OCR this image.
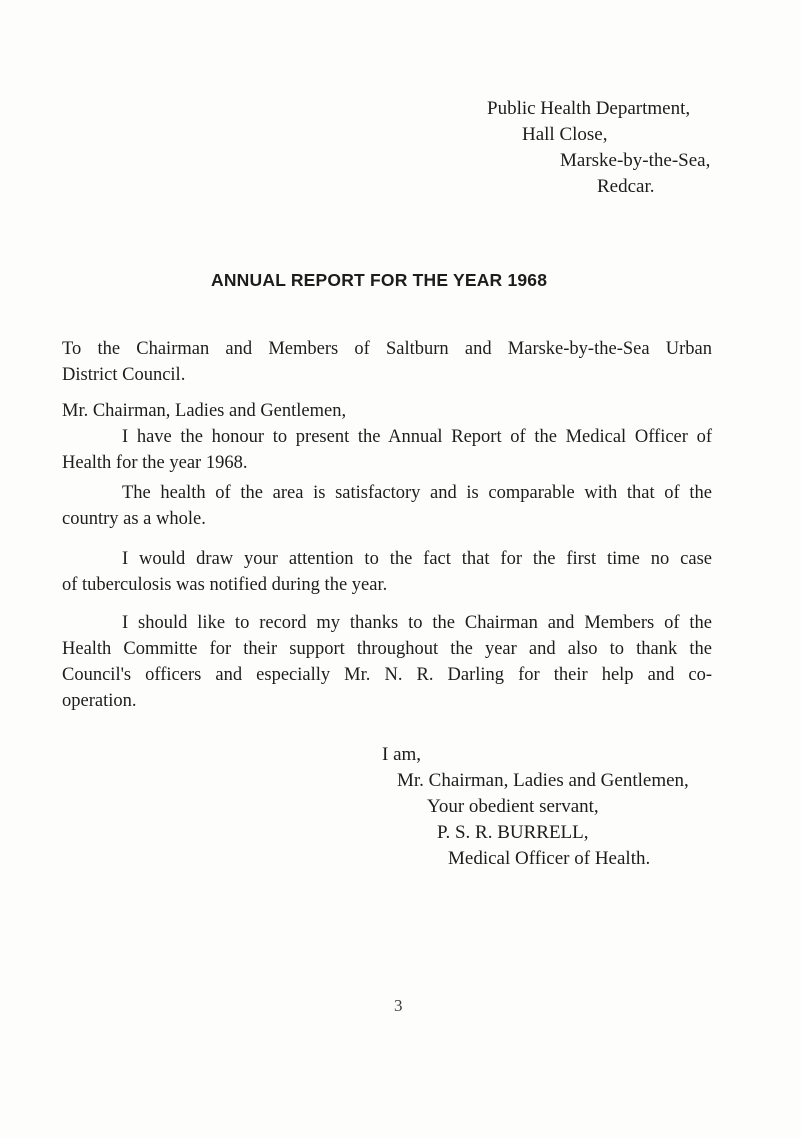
Public Health Department,
Hall Close,
Marske-by-the-Sea,
Redcar.
ANNUAL REPORT FOR THE YEAR 1968
To the Chairman and Members of Saltburn and Marske-by-the-Sea Urban
District Council.
Mr. Chairman, Ladies and Gentlemen,
I have the honour to present the Annual Report of the Medical Officer of
Health for the year 1968.
The health of the area is satisfactory and is comparable with that of the
country as a whole.
I would draw your attention to the fact that for the first time no case
of tuberculosis was notified during the year.
I should like to record my thanks to the Chairman and Members of the
Health Committe for their support throughout the year and also to thank the
Council's officers and especially Mr. N. R. Darling for their help and co-
operation.
I am,
Mr. Chairman, Ladies and Gentlemen,
Your obedient servant,
P. S. R. BURRELL,
Medical Officer of Health.
3
